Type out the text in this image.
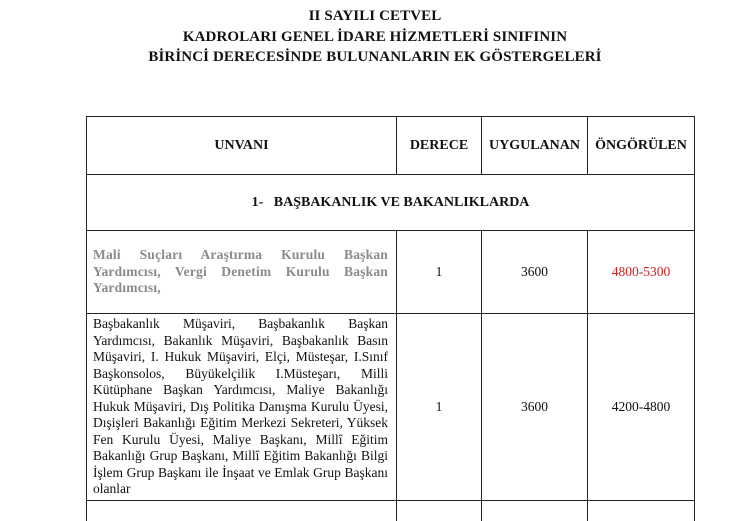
II SAYILI CETVEL
KADROLARI GENEL İDARE HİZMETLERİ SINIFININ
BİRİNCİ DERECESİNDE BULUNANLARIN EK GÖSTERGELERİ
UNVANI	DERECE	UYGULANAN	ÖNGÖRÜLEN
1-   BAŞBAKANLIK VE BAKANLIKLARDA			
Mali Suçları Araştırma Kurulu Başkan Yardımcısı, Vergi Denetim Kurulu Başkan Yardımcısı,	1	3600	4800-5300
Başbakanlık Müşaviri, Başbakanlık Başkan Yardımcısı, Bakanlık Müşaviri, Başbakanlık Basın Müşaviri, I. Hukuk Müşaviri, Elçi, Müsteşar, I.Sınıf Başkonsolos, Büyükelçilik I.Müsteşarı, Milli Kütüphane Başkan Yardımcısı, Maliye Bakanlığı Hukuk Müşaviri, Dış Politika Danışma Kurulu Üyesi, Dışişleri Bakanlığı Eğitim Merkezi Sekreteri, Yüksek Fen Kurulu Üyesi, Maliye Başkanı, Millî Eğitim Bakanlığı Grup Başkanı, Millî Eğitim Bakanlığı Bilgi İşlem Grup Başkanı ile İnşaat ve Emlak Grup Başkanı olanlar	1	3600	4200-4800
